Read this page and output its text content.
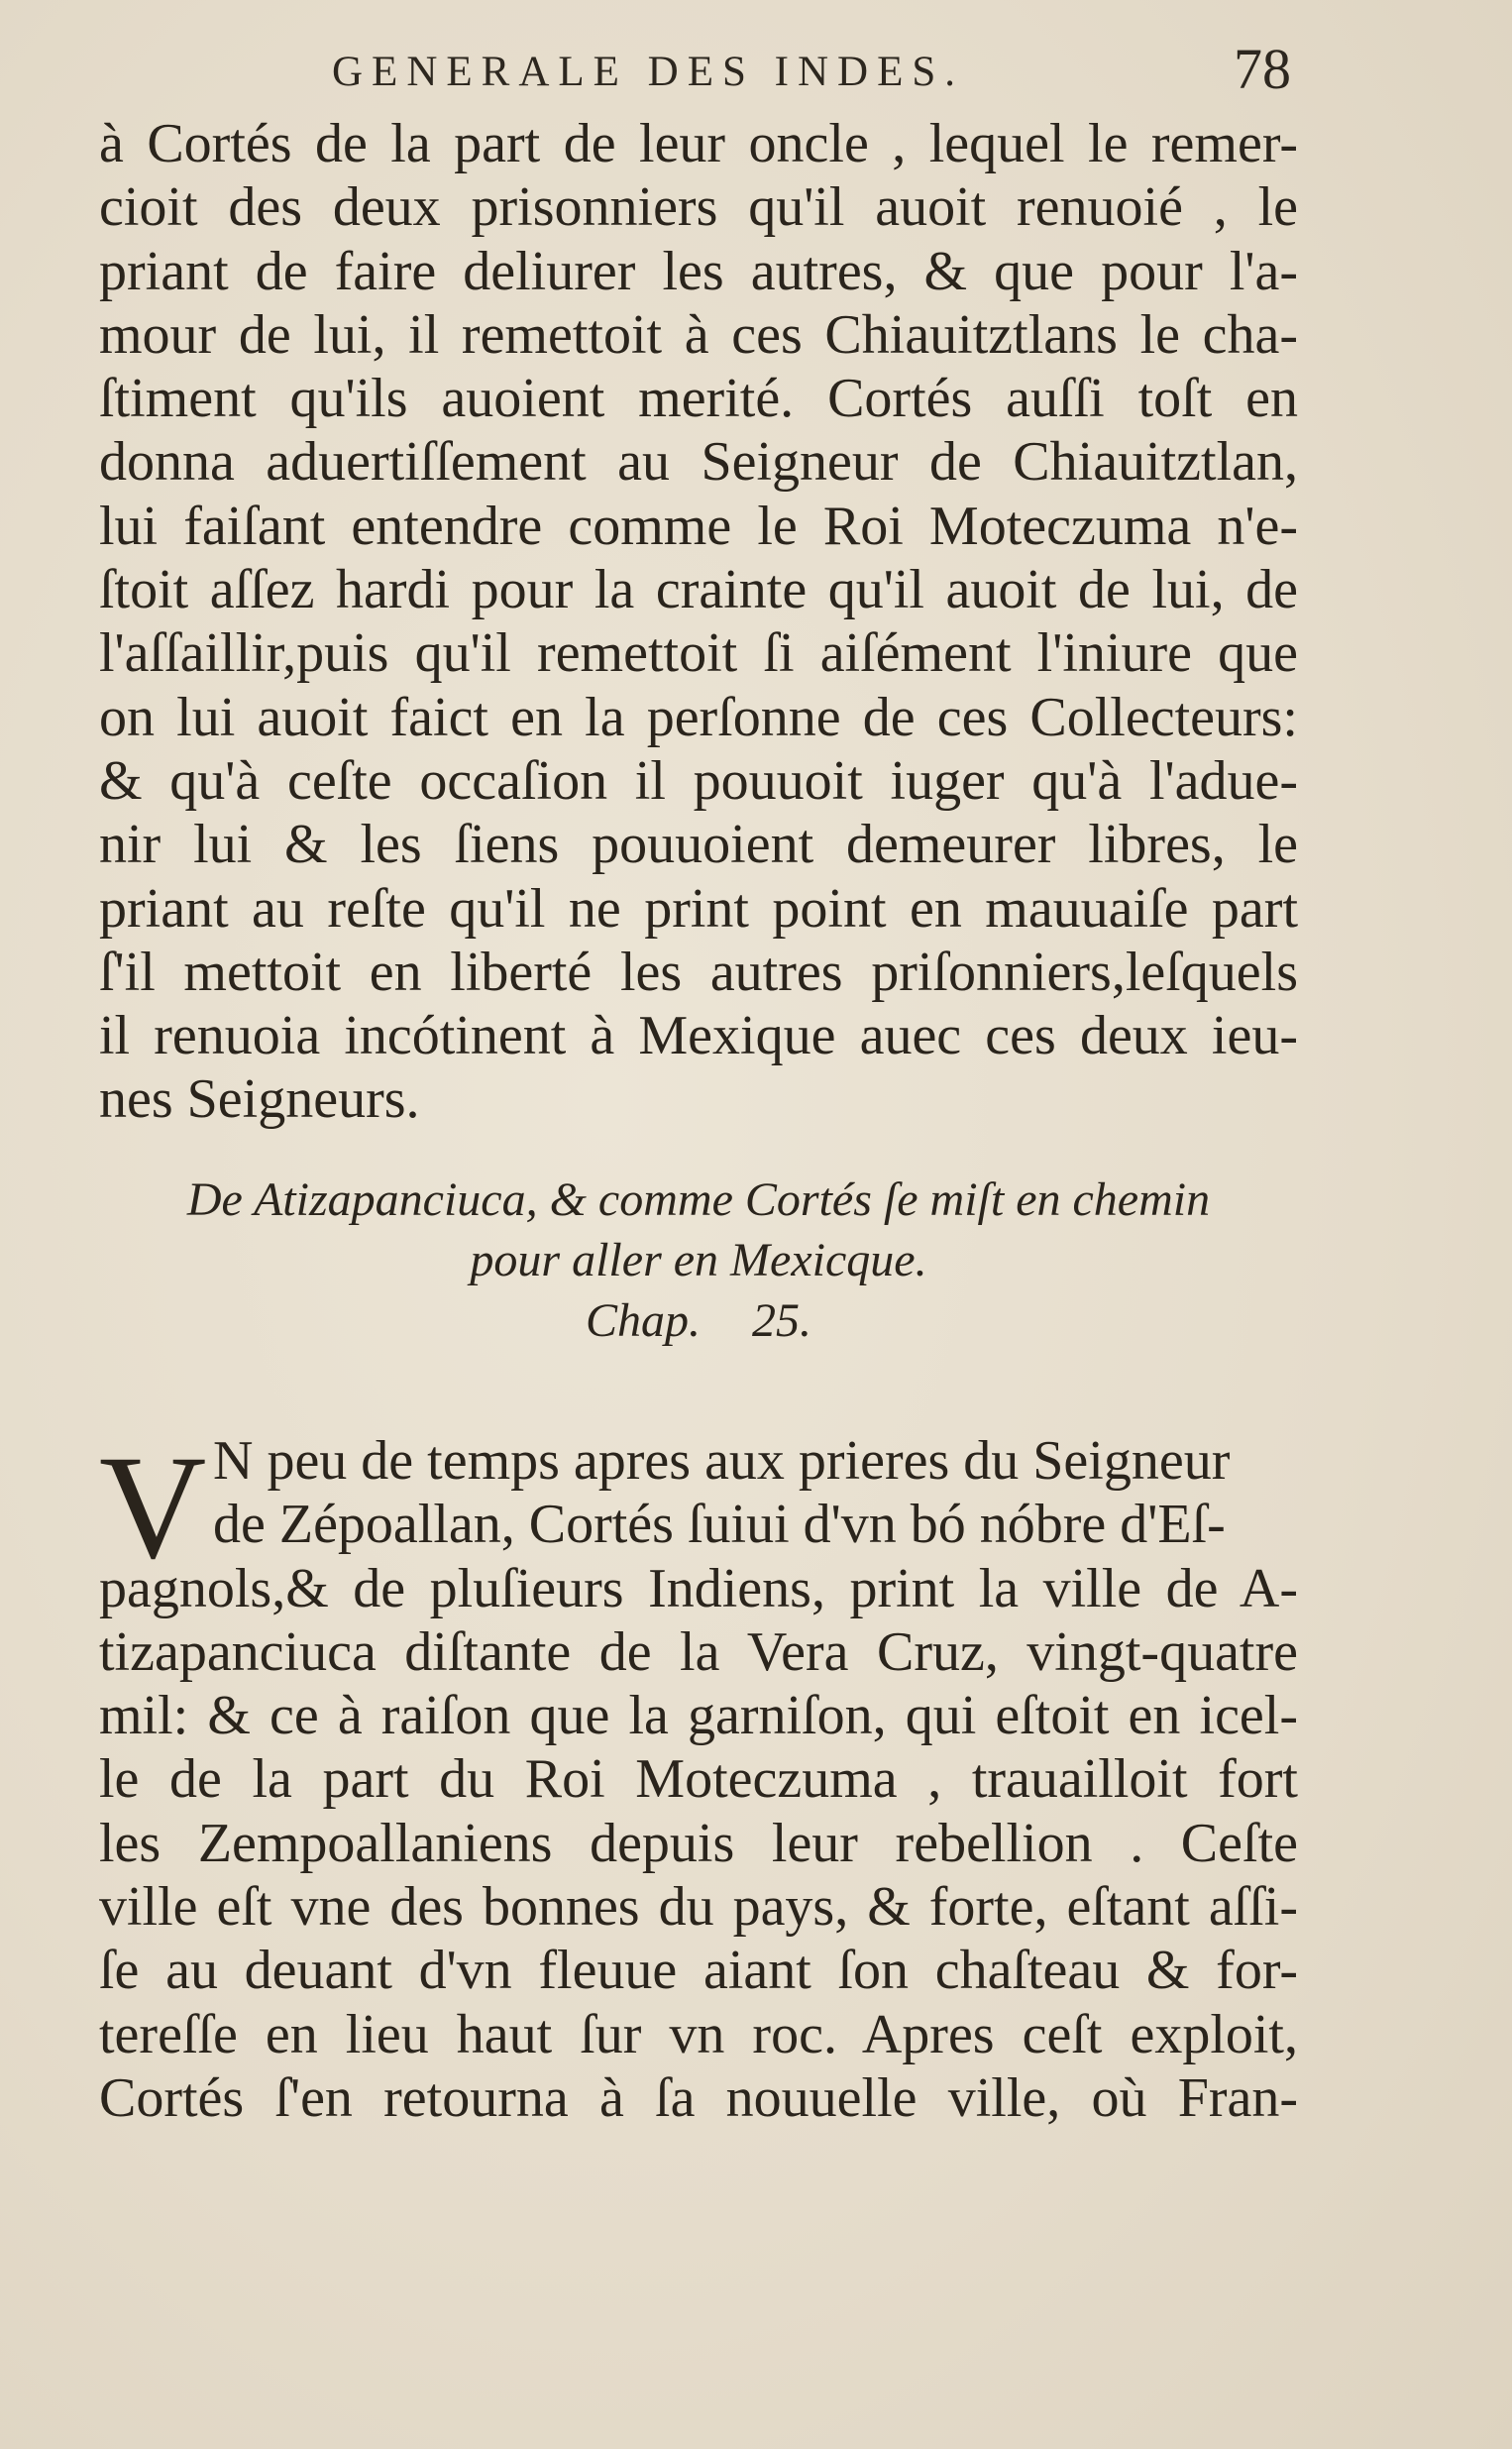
GENERALE DES INDES.	78
à Cortés de la part de leur oncle , lequel le remer-
cioit des deux prisonniers qu'il auoit renuoié , le
priant de faire deliurer les autres, & que pour l'a-
mour de lui, il remettoit à ces Chiauitztlans le cha-
ſtiment qu'ils auoient merité. Cortés auſſi toſt en
donna aduertiſſement au Seigneur de Chiauitztlan,
lui faiſant entendre comme le Roi Moteczuma n'e-
ſtoit aſſez hardi pour la crainte qu'il auoit de lui, de
l'aſſaillir,puis qu'il remettoit ſi aiſément l'iniure que
on lui auoit faict en la perſonne de ces Collecteurs:
& qu'à ceſte occaſion il pouuoit iuger qu'à l'adue-
nir lui & les ſiens pouuoient demeurer libres, le
priant au reſte qu'il ne print point en mauuaiſe part
ſ'il mettoit en liberté les autres priſonniers,leſquels
il renuoia incótinent à Mexique auec ces deux ieu-
nes Seigneurs.
De Atizapanciuca, & comme Cortés ſe miſt en chemin
pour aller en Mexicque.
Chap. 25.
V N peu de temps apres aux prieres du Seigneur
de Zépoallan, Cortés ſuiui d'vn bó nóbre d'Eſ-
pagnols,& de pluſieurs Indiens, print la ville de A-
tizapanciuca diſtante de la Vera Cruz, vingt-quatre
mil: & ce à raiſon que la garniſon, qui eſtoit en icel-
le de la part du Roi Moteczuma , trauailloit fort
les Zempoallaniens depuis leur rebellion . Ceſte
ville eſt vne des bonnes du pays, & forte, eſtant aſſi-
ſe au deuant d'vn fleuue aiant ſon chaſteau & for-
tereſſe en lieu haut ſur vn roc. Apres ceſt exploit,
Cortés ſ'en retourna à ſa nouuelle ville, où Fran-
